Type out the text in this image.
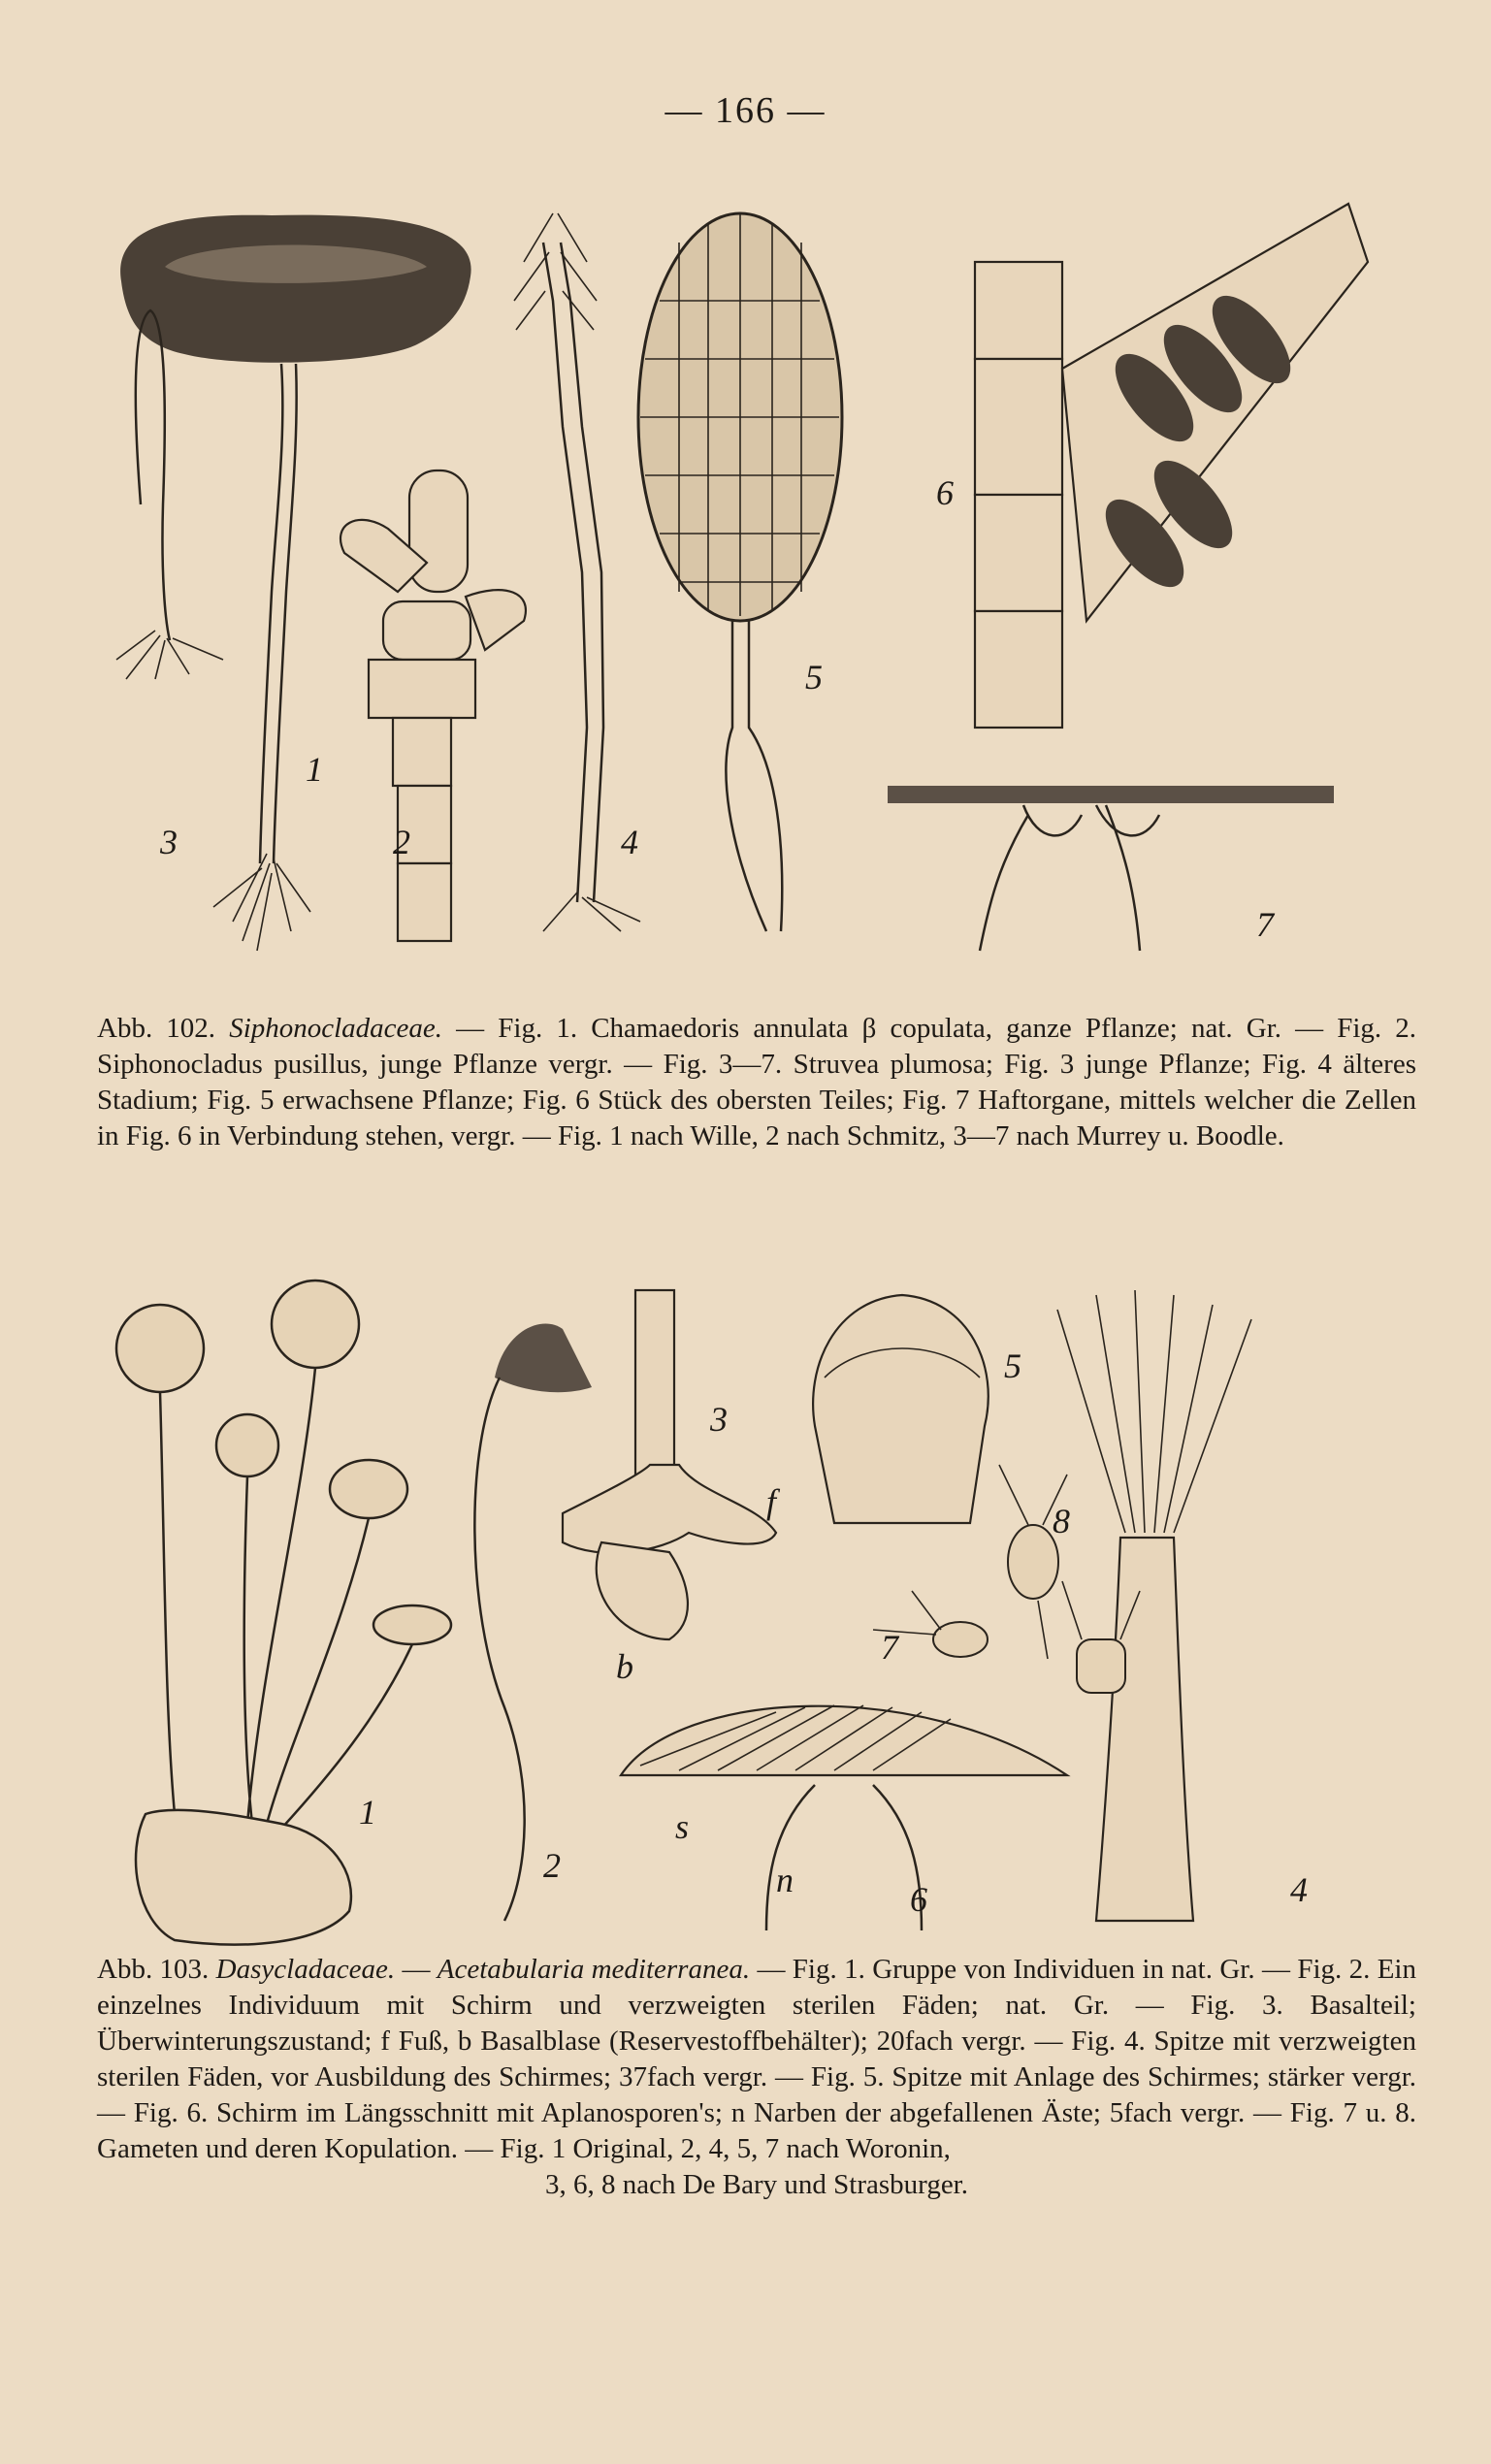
— 166 —
1
2
3	4
5
6
7

Abb. 102. Siphonocladaceae. — Fig. 1. Chamaedoris annulata β copulata, ganze Pflanze; nat. Gr. — Fig. 2. Siphonocladus pusillus, junge Pflanze vergr. — Fig. 3—7. Struvea plumosa; Fig. 3 junge Pflanze; Fig. 4 älteres Stadium; Fig. 5 erwachsene Pflanze; Fig. 6 Stück des obersten Teiles; Fig. 7 Haftorgane, mittels welcher die Zellen in Fig. 6 in Verbindung stehen, vergr. — Fig. 1 nach Wille, 2 nach Schmitz, 3—7 nach Murrey u. Boodle.

1
2
3
4
5
6
7
8
b
f
s
n

Abb. 103. Dasycladaceae. — Acetabularia mediterranea. — Fig. 1. Gruppe von Individuen in nat. Gr. — Fig. 2. Ein einzelnes Individuum mit Schirm und verzweigten sterilen Fäden; nat. Gr. — Fig. 3. Basalteil; Überwinterungszustand; f Fuß, b Basalblase (Reservestoffbehälter); 20fach vergr. — Fig. 4. Spitze mit verzweigten sterilen Fäden, vor Ausbildung des Schirmes; 37fach vergr. — Fig. 5. Spitze mit Anlage des Schirmes; stärker vergr. — Fig. 6. Schirm im Längsschnitt mit Aplanosporen's; n Narben der abgefallenen Äste; 5fach vergr. — Fig. 7 u. 8. Gameten und deren Kopulation. — Fig. 1 Original, 2, 4, 5, 7 nach Woronin,

3, 6, 8 nach De Bary und Strasburger.
